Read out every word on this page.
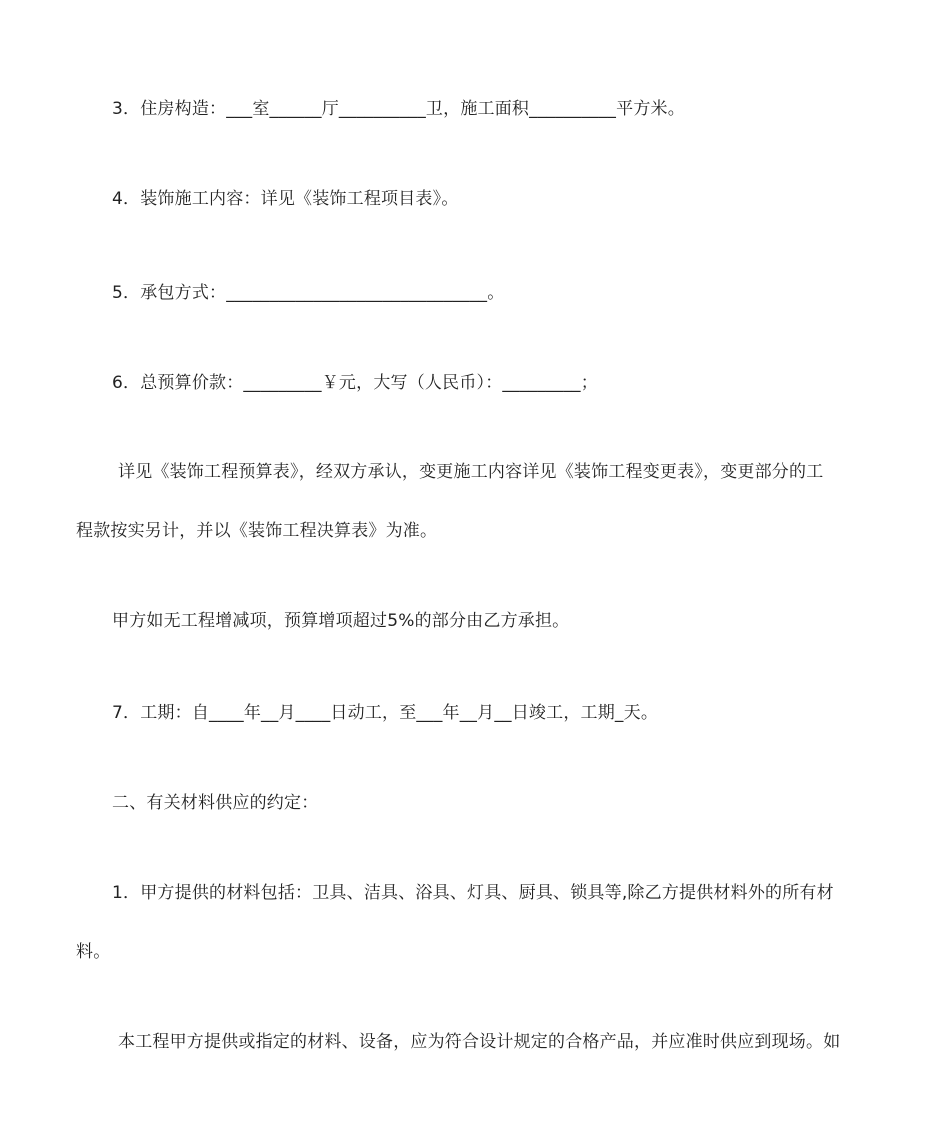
3．住房构造：___室______厅__________卫，施工面积__________平方米。
4．装饰施工内容：详见《装饰工程项目表》。
5．承包方式：______________________________。
6．总预算价款：_________￥元，大写（人民币）：_________；
详见《装饰工程预算表》，经双方承认，变更施工内容详见《装饰工程变更表》，变更部分的工
程款按实另计，并以《装饰工程决算表》为准。
甲方如无工程增减项，预算增项超过5%的部分由乙方承担。
7．工期：自____年__月____日动工，至___年__月__日竣工，工期_天。
二、有关材料供应的约定：
1．甲方提供的材料包括：卫具、洁具、浴具、灯具、厨具、锁具等,除乙方提供材料外的所有材
料。
本工程甲方提供或指定的材料、设备，应为符合设计规定的合格产品，并应准时供应到现场。如
